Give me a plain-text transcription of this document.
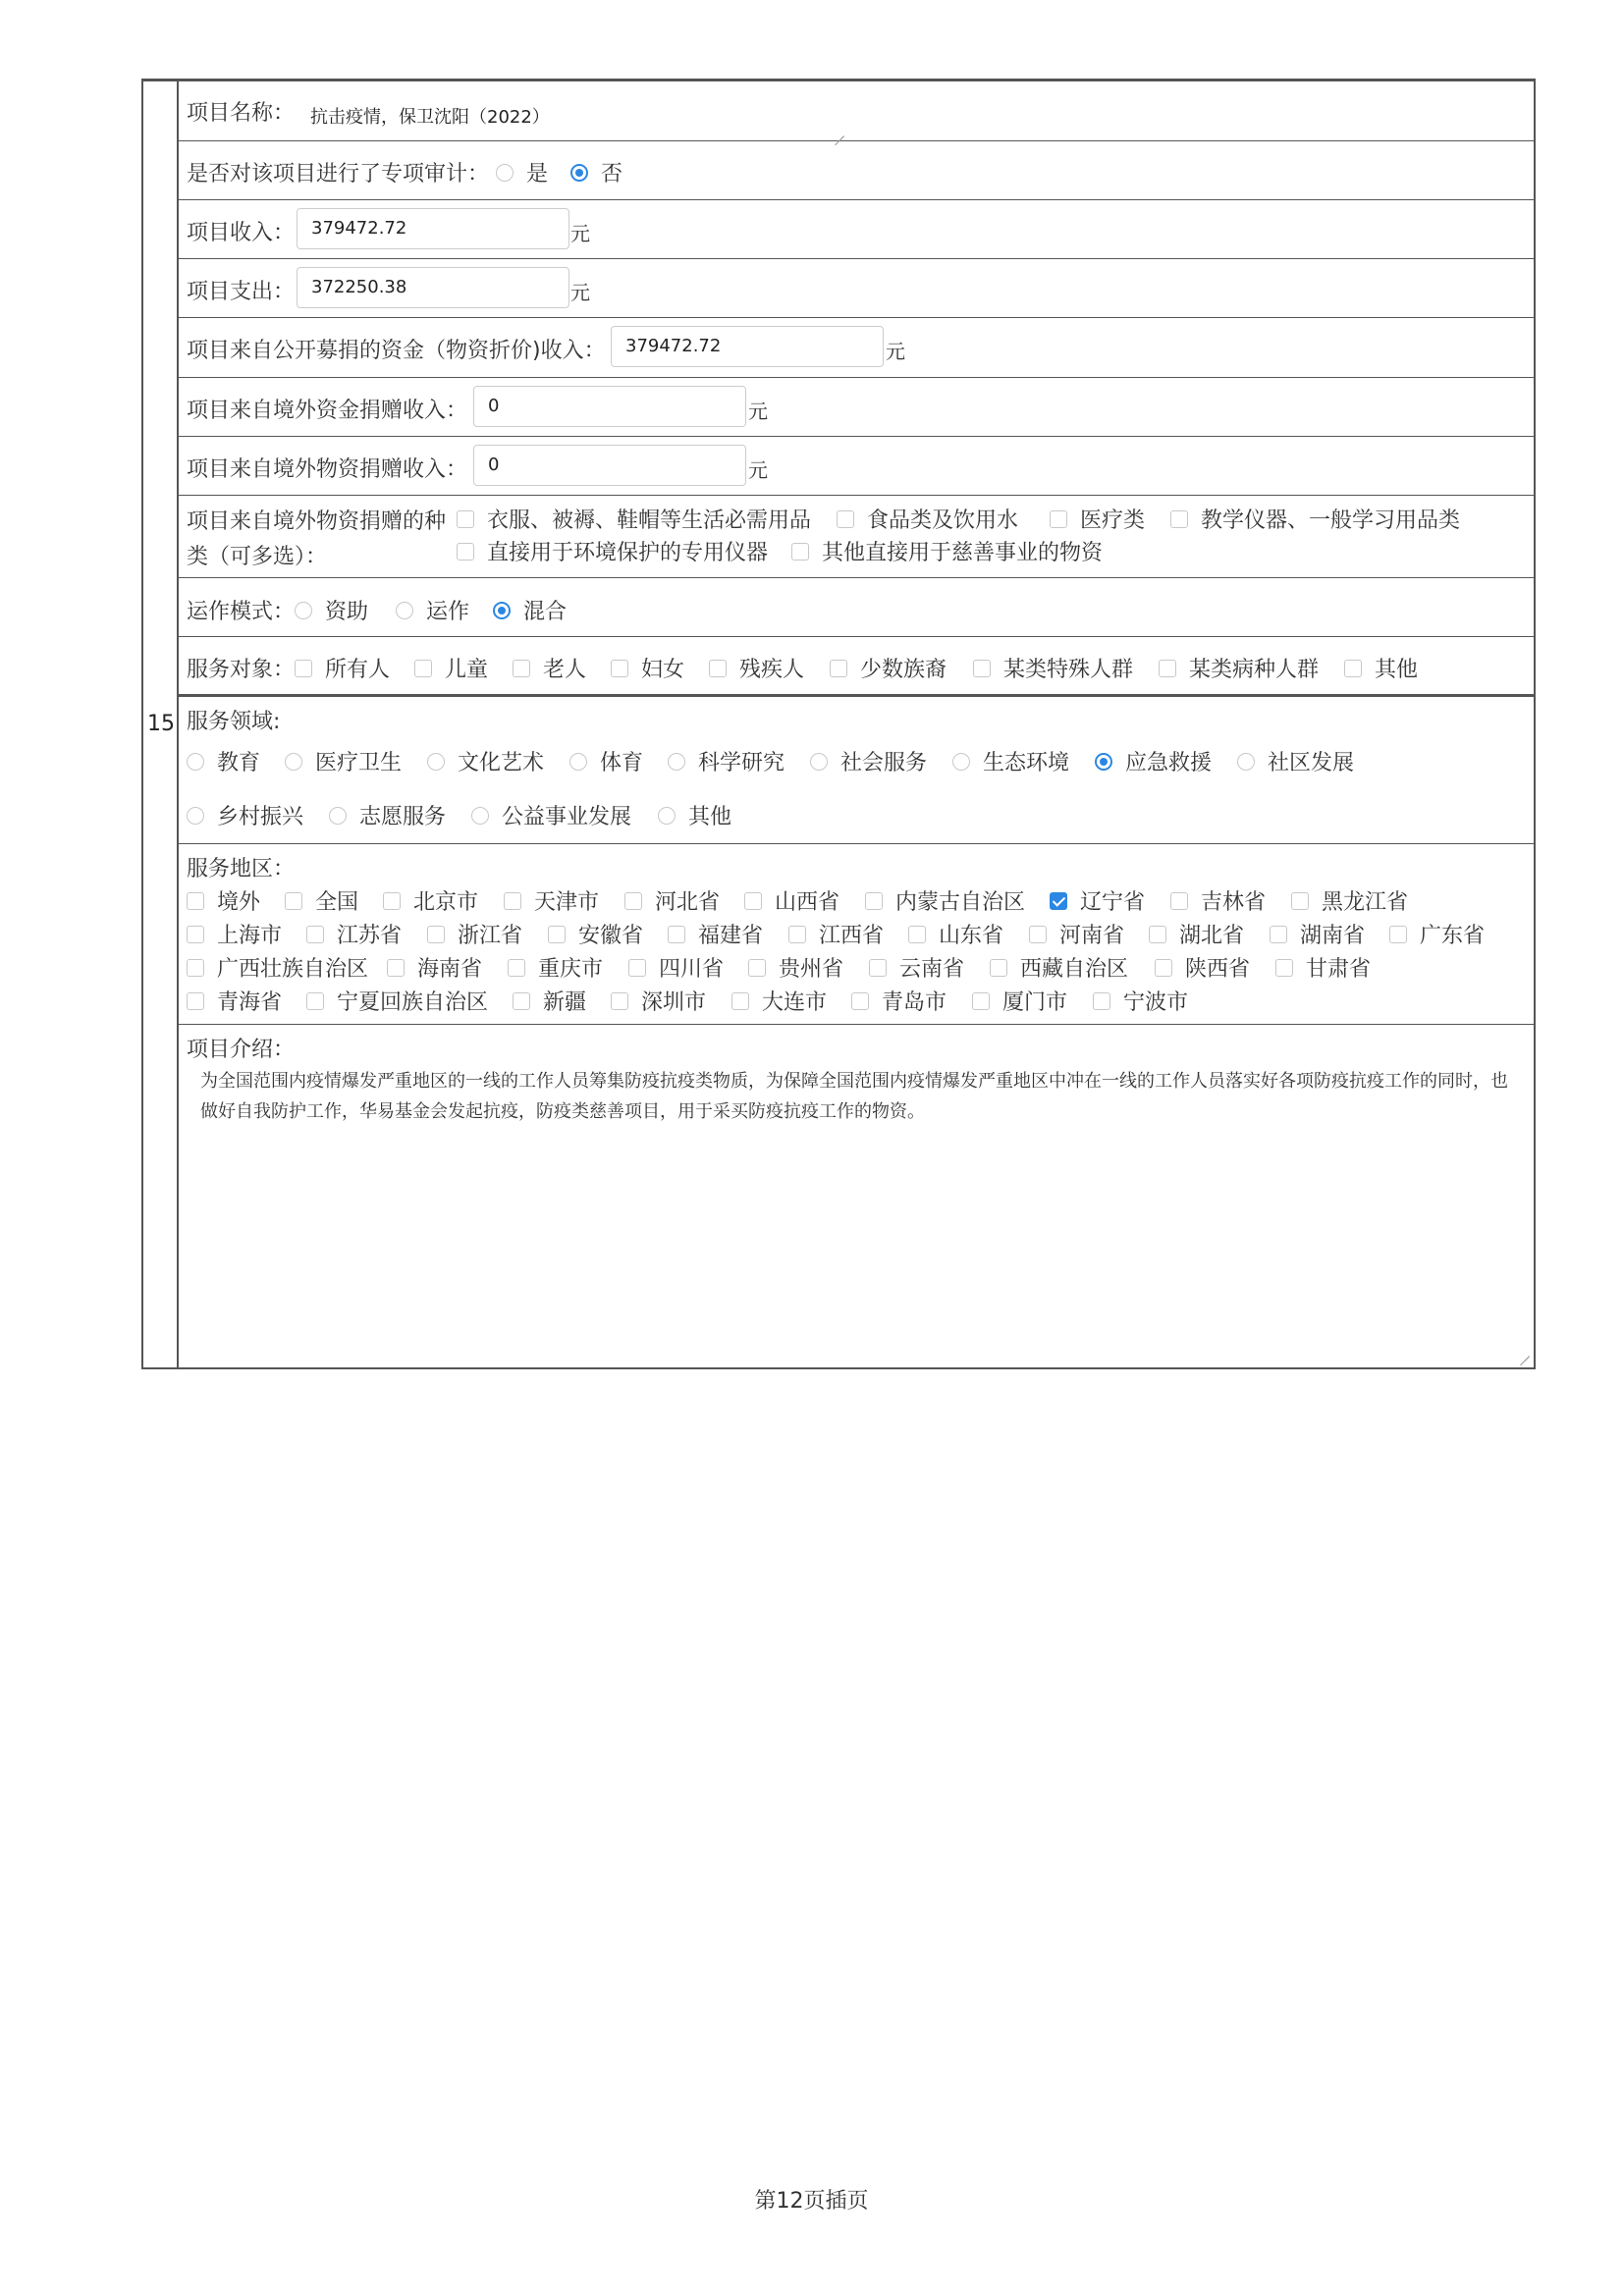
15
项目名称： 抗击疫情，保卫沈阳（2022）
是否对该项目进行了专项审计： 是 否
项目收入： 379472.72	元
项目支出： 372250.38	元
项目来自公开募捐的资金（物资折价)收入：	379472.72	元
项目来自境外资金捐赠收入：	0	元
项目来自境外物资捐赠收入：	0	元
项目来自境外物资捐赠的种
类（可多选）：
衣服、被褥、鞋帽等生活必需用品	食品类及饮用水	医疗类	教学仪器、一般学习用品类
直接用于环境保护的专用仪器 其他直接用于慈善事业的物资
运作模式： 资助	运作 混合
服务对象： 所有人	儿童	老人	妇女	残疾人	少数族裔	某类特殊人群	某类病种人群	其他
服务领域:
教育	医疗卫生	文化艺术	体育	科学研究	社会服务	生态环境	应急救援	社区发展
乡村振兴	志愿服务	公益事业发展	其他
服务地区：
境外	全国	北京市	天津市	河北省	山西省	内蒙古自治区	辽宁省	吉林省	黑龙江省
上海市	江苏省	浙江省	安徽省	福建省	江西省	山东省	河南省	湖北省	湖南省	广东省
广西壮族自治区 海南省	重庆市	四川省	贵州省	云南省	西藏自治区	陕西省	甘肃省
青海省	宁夏回族自治区	新疆	深圳市	大连市	青岛市	厦门市	宁波市
项目介绍：
为全国范围内疫情爆发严重地区的一线的工作人员筹集防疫抗疫类物质，为保障全国范围内疫情爆发严重地区中冲在一线的工作人员落实好各项防疫抗疫工作的同时，也做好自我防护工作，华易基金会发起抗疫，防疫类慈善项目，用于采买防疫抗疫工作的物资。
第12页插页
